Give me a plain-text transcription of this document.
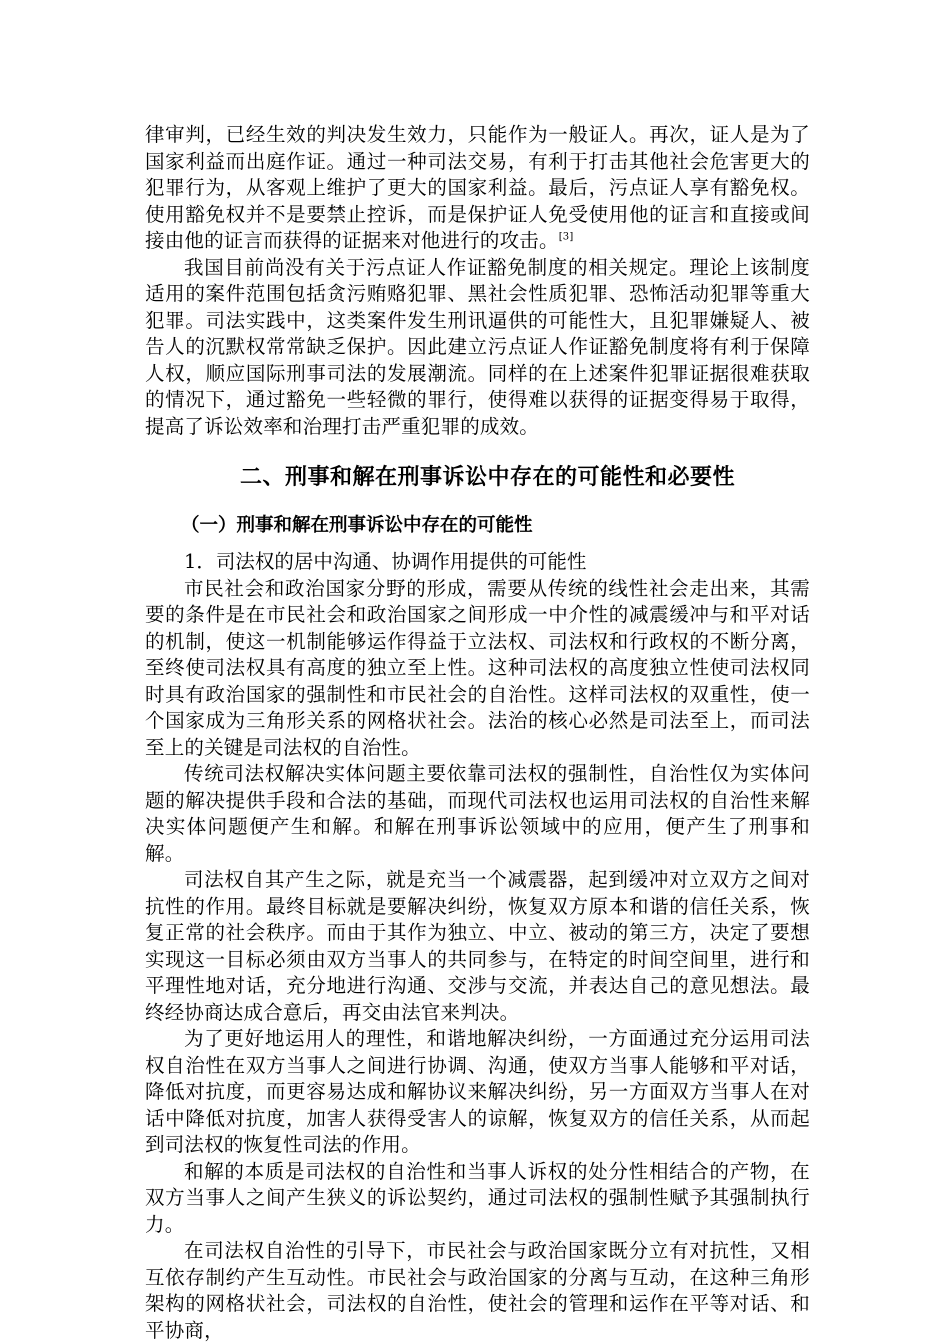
律审判，已经生效的判决发生效力，只能作为一般证人。再次，证人是为了国家利益而出庭作证。通过一种司法交易，有利于打击其他社会危害更大的犯罪行为，从客观上维护了更大的国家利益。最后，污点证人享有豁免权。使用豁免权并不是要禁止控诉，而是保护证人免受使用他的证言和直接或间接由他的证言而获得的证据来对他进行的攻击。[3]

我国目前尚没有关于污点证人作证豁免制度的相关规定。理论上该制度适用的案件范围包括贪污贿赂犯罪、黑社会性质犯罪、恐怖活动犯罪等重大犯罪。司法实践中，这类案件发生刑讯逼供的可能性大，且犯罪嫌疑人、被告人的沉默权常常缺乏保护。因此建立污点证人作证豁免制度将有利于保障人权，顺应国际刑事司法的发展潮流。同样的在上述案件犯罪证据很难获取的情况下，通过豁免一些轻微的罪行，使得难以获得的证据变得易于取得，提高了诉讼效率和治理打击严重犯罪的成效。

二、刑事和解在刑事诉讼中存在的可能性和必要性
（一）刑事和解在刑事诉讼中存在的可能性

1．司法权的居中沟通、协调作用提供的可能性

市民社会和政治国家分野的形成，需要从传统的线性社会走出来，其需要的条件是在市民社会和政治国家之间形成一中介性的减震缓冲与和平对话的机制，使这一机制能够运作得益于立法权、司法权和行政权的不断分离，至终使司法权具有高度的独立至上性。这种司法权的高度独立性使司法权同时具有政治国家的强制性和市民社会的自治性。这样司法权的双重性，使一个国家成为三角形关系的网格状社会。法治的核心必然是司法至上，而司法至上的关键是司法权的自治性。

传统司法权解决实体问题主要依靠司法权的强制性，自治性仅为实体问题的解决提供手段和合法的基础，而现代司法权也运用司法权的自治性来解决实体问题便产生和解。和解在刑事诉讼领域中的应用，便产生了刑事和解。

司法权自其产生之际，就是充当一个减震器，起到缓冲对立双方之间对抗性的作用。最终目标就是要解决纠纷，恢复双方原本和谐的信任关系，恢复正常的社会秩序。而由于其作为独立、中立、被动的第三方，决定了要想实现这一目标必须由双方当事人的共同参与，在特定的时间空间里，进行和平理性地对话，充分地进行沟通、交涉与交流，并表达自己的意见想法。最终经协商达成合意后，再交由法官来判决。

为了更好地运用人的理性，和谐地解决纠纷，一方面通过充分运用司法权自治性在双方当事人之间进行协调、沟通，使双方当事人能够和平对话，降低对抗度，而更容易达成和解协议来解决纠纷，另一方面双方当事人在对话中降低对抗度，加害人获得受害人的谅解，恢复双方的信任关系，从而起到司法权的恢复性司法的作用。

和解的本质是司法权的自治性和当事人诉权的处分性相结合的产物，在双方当事人之间产生狭义的诉讼契约，通过司法权的强制性赋予其强制执行力。

在司法权自治性的引导下，市民社会与政治国家既分立有对抗性，又相互依存制约产生互动性。市民社会与政治国家的分离与互动，在这种三角形架构的网格状社会，司法权的自治性，使社会的管理和运作在平等对话、和平协商，
